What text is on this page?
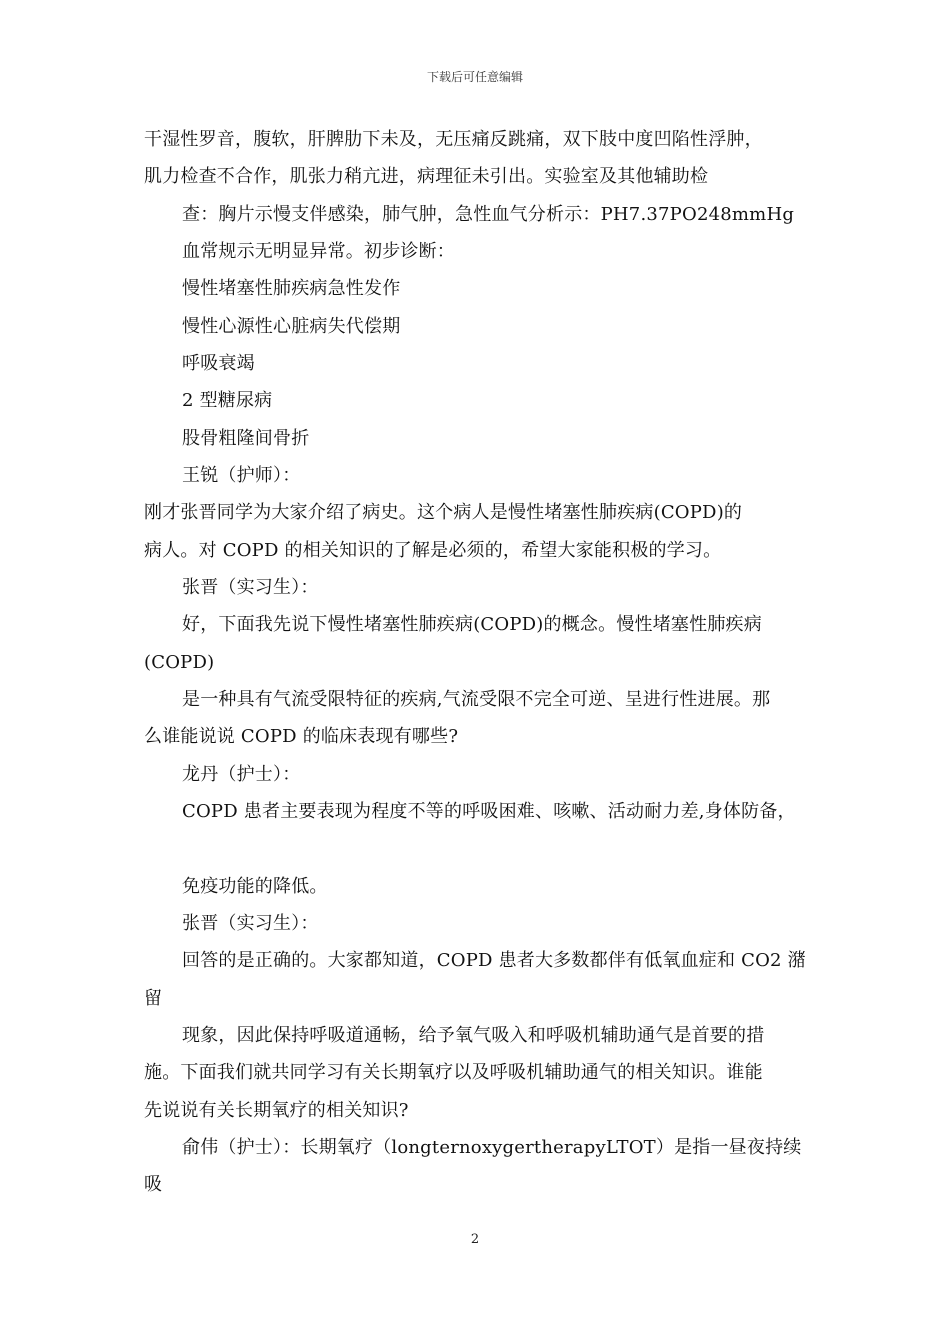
下载后可任意编辑
干湿性罗音，腹软，肝脾肋下未及，无压痛反跳痛，双下肢中度凹陷性浮肿，
肌力检查不合作，肌张力稍亢进，病理征未引出。实验室及其他辅助检
查：胸片示慢支伴感染，肺气肿，急性血气分析示：PH7.37PO248mmHg
血常规示无明显异常。初步诊断：
慢性堵塞性肺疾病急性发作
慢性心源性心脏病失代偿期
呼吸衰竭
2 型糖尿病
股骨粗隆间骨折
王锐（护师）：
刚才张晋同学为大家介绍了病史。这个病人是慢性堵塞性肺疾病(COPD)的
病人。对 COPD 的相关知识的了解是必须的，希望大家能积极的学习。
张晋（实习生）：
好，下面我先说下慢性堵塞性肺疾病(COPD)的概念。慢性堵塞性肺疾病
(COPD)
是一种具有气流受限特征的疾病,气流受限不完全可逆、呈进行性进展。那
么谁能说说 COPD 的临床表现有哪些?
龙丹（护士）：
COPD 患者主要表现为程度不等的呼吸困难、咳嗽、活动耐力差,身体防备，
免疫功能的降低。
张晋（实习生）：
回答的是正确的。大家都知道，COPD 患者大多数都伴有低氧血症和 CO2 潴
留
现象，因此保持呼吸道通畅，给予氧气吸入和呼吸机辅助通气是首要的措
施。下面我们就共同学习有关长期氧疗以及呼吸机辅助通气的相关知识。谁能
先说说有关长期氧疗的相关知识?
俞伟（护士）：长期氧疗（longternoxygertherapyLTOT）是指一昼夜持续
吸
2
